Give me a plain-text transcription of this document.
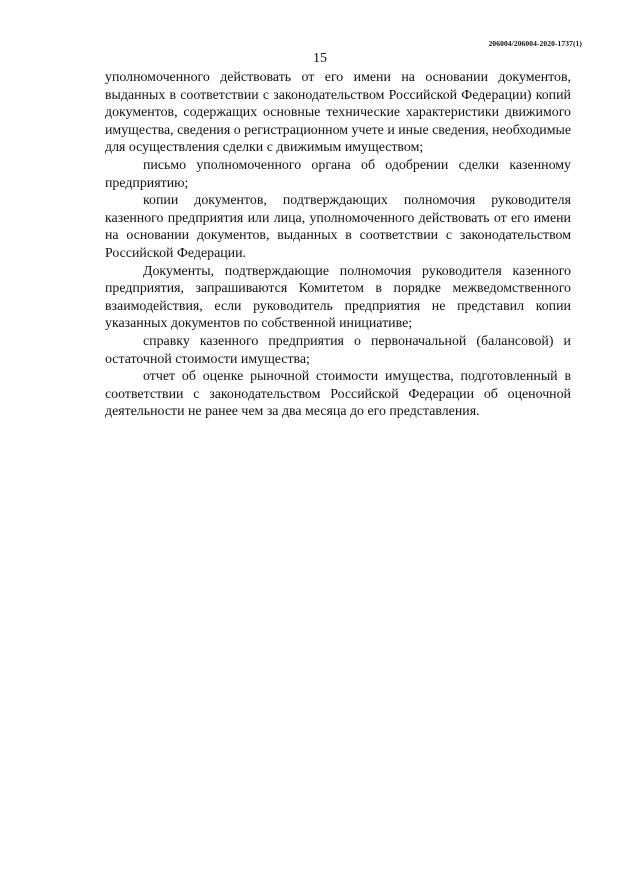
206004/206004-2020-1737(1)
15

уполномоченного действовать от его имени на основании документов, выданных в соответствии с законодательством Российской Федерации) копий документов, содержащих основные технические характеристики движимого имущества, сведения о регистрационном учете и иные сведения, необходимые для осуществления сделки с движимым имуществом;

письмо уполномоченного органа об одобрении сделки казенному предприятию;

копии документов, подтверждающих полномочия руководителя казенного предприятия или лица, уполномоченного действовать от его имени на основании документов, выданных в соответствии с законодательством Российской Федерации.

Документы, подтверждающие полномочия руководителя казенного предприятия, запрашиваются Комитетом в порядке межведомственного взаимодействия, если руководитель предприятия не представил копии указанных документов по собственной инициативе;

справку казенного предприятия о первоначальной (балансовой) и остаточной стоимости имущества;

отчет об оценке рыночной стоимости имущества, подготовленный в соответствии с законодательством Российской Федерации об оценочной деятельности не ранее чем за два месяца до его представления.
